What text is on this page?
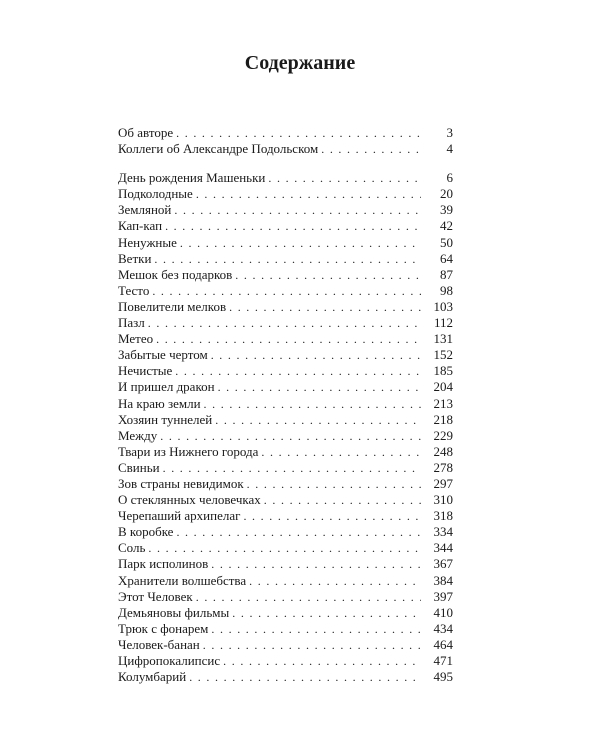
Содержание
Об авторе . . .	3
Коллеги об Александре Подольском . . .	4
День рождения Машеньки . . .	6
Подколодные . . .	20
Земляной . . .	39
Кап-кап . . .	42
Ненужные . . .	50
Ветки . . .	64
Мешок без подарков . . .	87
Тесто . . .	98
Повелители мелков . . .	103
Пазл . . .	112
Метео . . .	131
Забытые чертом . . .	152
Нечистые . . .	185
И пришел дракон . . .	204
На краю земли . . .	213
Хозяин туннелей . . .	218
Между . . .	229
Твари из Нижнего города . . .	248
Свиньи . . .	278
Зов страны невидимок . . .	297
О стеклянных человечках . . .	310
Черепаший архипелаг . . .	318
В коробке . . .	334
Соль . . .	344
Парк исполинов . . .	367
Хранители волшебства . . .	384
Этот Человек . . .	397
Демьяновы фильмы . . .	410
Трюк с фонарем . . .	434
Человек-банан . . .	464
Цифропокалипсис . . .	471
Колумбарий . . .	495
